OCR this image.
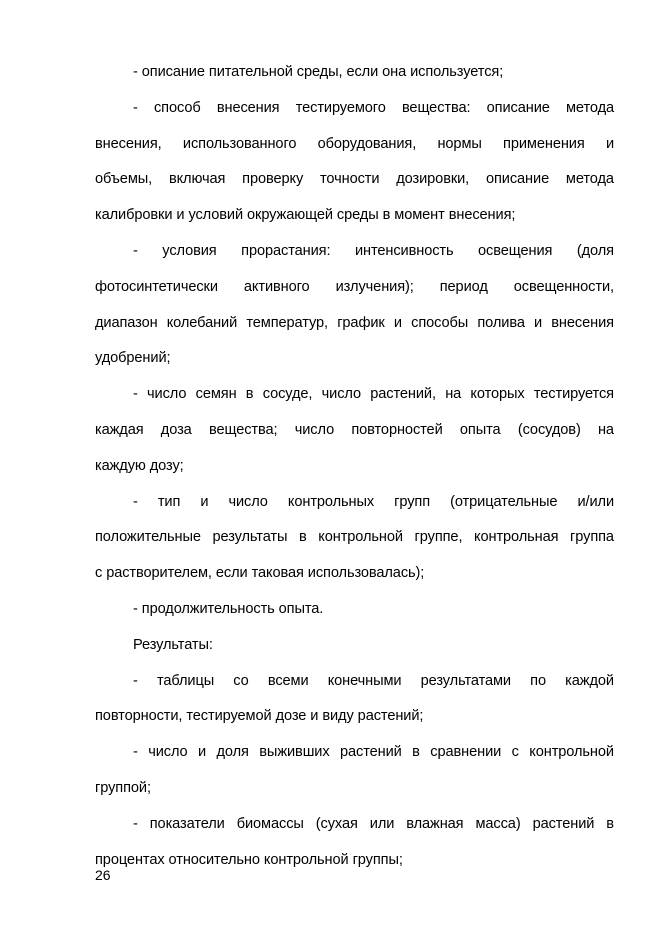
- описание питательной среды, если она используется;
- способ внесения тестируемого вещества: описание метода
внесения, использованного оборудования, нормы применения и
объемы, включая проверку точности дозировки, описание метода
калибровки и условий окружающей среды в момент внесения;
- условия прорастания: интенсивность освещения (доля
фотосинтетически активного излучения); период освещенности,
диапазон колебаний температур, график и способы полива и внесения
удобрений;
- число семян в сосуде, число растений, на которых тестируется
каждая доза вещества; число повторностей опыта (сосудов) на
каждую дозу;
- тип и число контрольных групп (отрицательные и/или
положительные результаты в контрольной группе, контрольная группа
с растворителем, если таковая использовалась);
- продолжительность опыта.
Результаты:
- таблицы со всеми конечными результатами по каждой
повторности, тестируемой дозе и виду растений;
- число и доля выживших растений в сравнении с контрольной
группой;
- показатели биомассы (сухая или влажная масса) растений в
процентах относительно контрольной группы;
26
